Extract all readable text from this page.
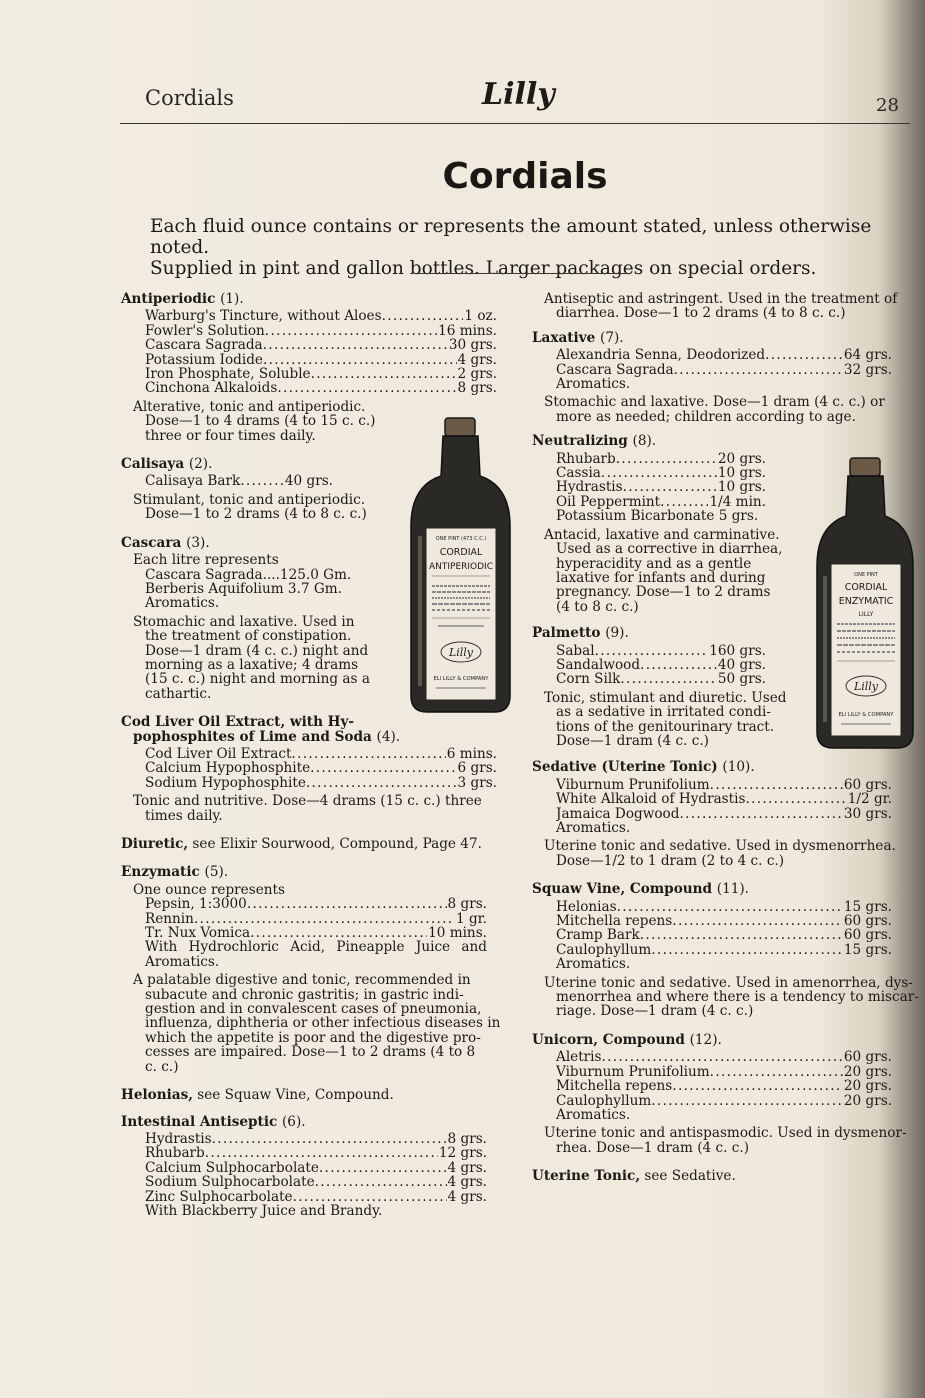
Cordials	Lilly	28
Cordials
Each fluid ounce contains or represents the amount stated, unless otherwise noted.
Supplied in pint and gallon bottles. Larger packages on special orders.
Antiperiodic (1).
Warburg's Tincture, without Aloes . . .	1 oz.
Fowler's Solution . . .	16 mins.
Cascara Sagrada . . .	30 grs.
Potassium Iodide . . .	4 grs.
Iron Phosphate, Soluble . . .	2 grs.
Cinchona Alkaloids . . .	8 grs.
Alterative, tonic and antiperiodic.
Dose—1 to 4 drams (4 to 15 c. c.)
three or four times daily.
Calisaya (2).
Calisaya Bark . . .	40 grs.
Stimulant, tonic and antiperiodic.
Dose—1 to 2 drams (4 to 8 c. c.)
Cascara (3).
Each litre represents
Cascara Sagrada....125.0 Gm.
Berberis Aquifolium 3.7 Gm.
Aromatics.
Stomachic and laxative. Used in
the treatment of constipation.
Dose—1 dram (4 c. c.) night and
morning as a laxative; 4 drams
(15 c. c.) night and morning as a
cathartic.
Cod Liver Oil Extract, with Hy-
pophosphites of Lime and Soda (4).
Cod Liver Oil Extract . . .	6 mins.
Calcium Hypophosphite . . .	6 grs.
Sodium Hypophosphite . . .	3 grs.
Tonic and nutritive. Dose—4 drams (15 c. c.) three
times daily.
Diuretic, see Elixir Sourwood, Compound, Page 47.
Enzymatic (5).
One ounce represents
Pepsin, 1:3000 . . .	8 grs.
Rennin . . .	1 gr.
Tr. Nux Vomica . . .	10 mins.
With Hydrochloric Acid, Pineapple Juice and
Aromatics.
A palatable digestive and tonic, recommended in
subacute and chronic gastritis; in gastric indi-
gestion and in convalescent cases of pneumonia,
influenza, diphtheria or other infectious diseases in
which the appetite is poor and the digestive pro-
cesses are impaired. Dose—1 to 2 drams (4 to 8
c. c.)
Helonias, see Squaw Vine, Compound.
Intestinal Antiseptic (6).
Hydrastis . . .	8 grs.
Rhubarb . . .	12 grs.
Calcium Sulphocarbolate . . .	4 grs.
Sodium Sulphocarbolate . . .	4 grs.
Zinc Sulphocarbolate . . .	4 grs.
With Blackberry Juice and Brandy.
Antiseptic and astringent. Used in the treatment of
diarrhea. Dose—1 to 2 drams (4 to 8 c. c.)
Laxative (7).
Alexandria Senna, Deodorized . . .	64 grs.
Cascara Sagrada . . .	32 grs.
Aromatics.
Stomachic and laxative. Dose—1 dram (4 c. c.) or
more as needed; children according to age.
Neutralizing (8).
Rhubarb . . .	20 grs.
Cassia . . .	10 grs.
Hydrastis . . .	10 grs.
Oil Peppermint . . .	1/4 min.
Potassium Bicarbonate 5 grs.
Antacid, laxative and carminative.
Used as a corrective in diarrhea,
hyperacidity and as a gentle
laxative for infants and during
pregnancy. Dose—1 to 2 drams
(4 to 8 c. c.)
Palmetto (9).
Sabal . . .	160 grs.
Sandalwood . . .	40 grs.
Corn Silk . . .	50 grs.
Tonic, stimulant and diuretic. Used
as a sedative in irritated condi-
tions of the genitourinary tract.
Dose—1 dram (4 c. c.)
Sedative (Uterine Tonic) (10).
Viburnum Prunifolium . . .	60 grs.
White Alkaloid of Hydrastis . . .	1/2 gr.
Jamaica Dogwood . . .	30 grs.
Aromatics.
Uterine tonic and sedative. Used in dysmenorrhea.
Dose—1/2 to 1 dram (2 to 4 c. c.)
Squaw Vine, Compound (11).
Helonias . . .	15 grs.
Mitchella repens . . .	60 grs.
Cramp Bark . . .	60 grs.
Caulophyllum . . .	15 grs.
Aromatics.
Uterine tonic and sedative. Used in amenorrhea, dys-
menorrhea and where there is a tendency to miscar-
riage. Dose—1 dram (4 c. c.)
Unicorn, Compound (12).
Aletris . . .	60 grs.
Viburnum Prunifolium . . .	20 grs.
Mitchella repens . . .	20 grs.
Caulophyllum . . .	20 grs.
Aromatics.
Uterine tonic and antispasmodic. Used in dysmenor-
rhea. Dose—1 dram (4 c. c.)
Uterine Tonic, see Sedative.
ONE PINT (473 C.C.)
CORDIAL
ANTIPERIODIC
Lilly
ELI LILLY & COMPANY
ONE PINT
CORDIAL
ENZYMATIC
LILLY
Lilly
ELI LILLY & COMPANY
